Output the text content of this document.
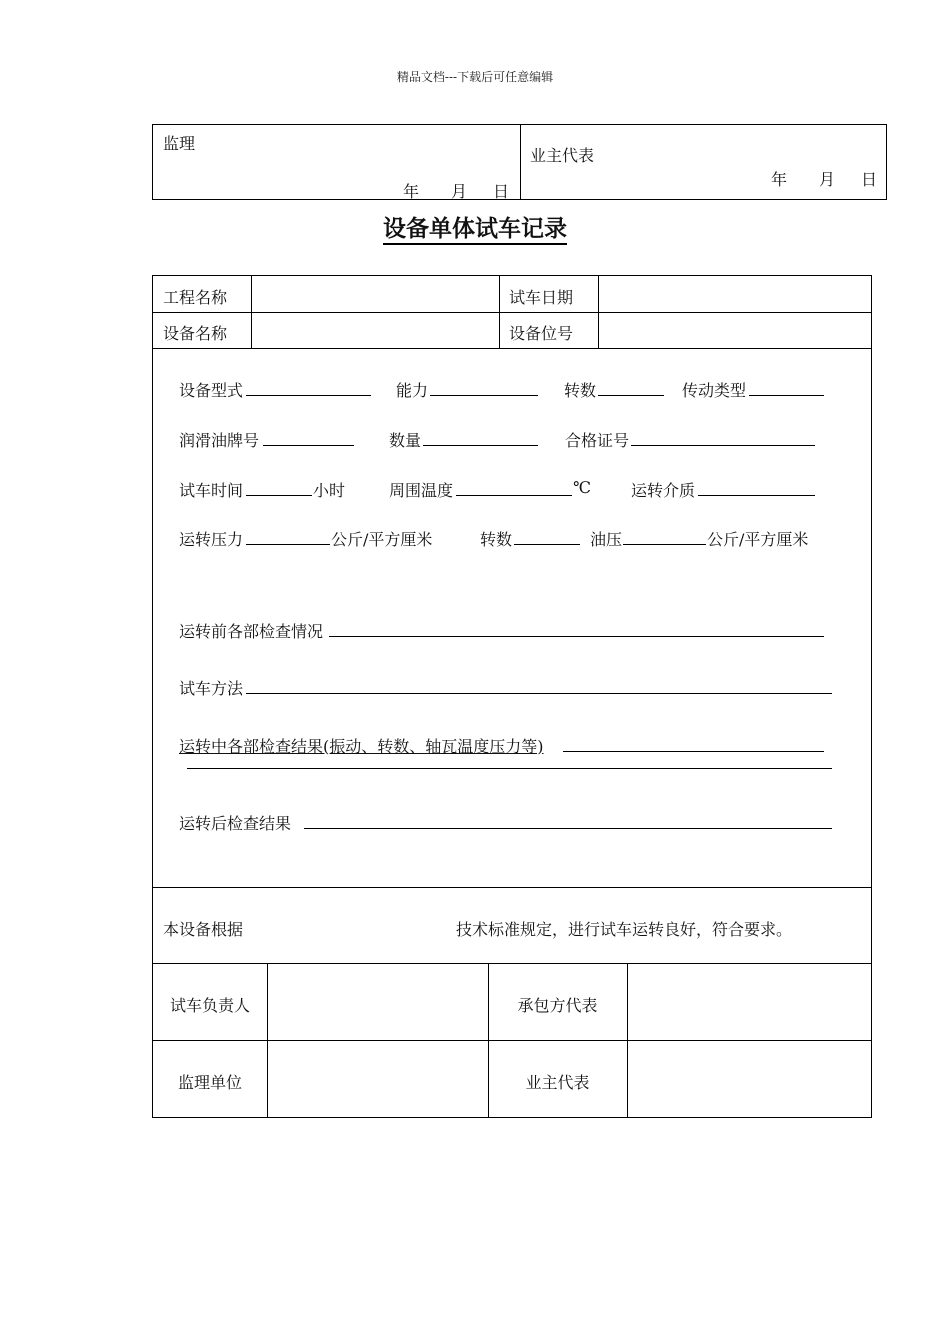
精品文档---下载后可任意编辑
监理
年 月 日
业主代表
年 月 日
设备单体试车记录
工程名称	试车日期
设备名称	设备位号
设备型式	能力	转数	传动类型
润滑油牌号	数量	合格证号
试车时间	小时	周围温度	℃	运转介质
运转压力	公斤/平方厘米	转数	油压	公斤/平方厘米
运转前各部检查情况
试车方法
运转中各部检查结果(振动、转数、轴瓦温度压力等)
运转后检查结果
本设备根据	技术标准规定，进行试车运转良好，符合要求。
试车负责人	承包方代表
监理单位	业主代表
